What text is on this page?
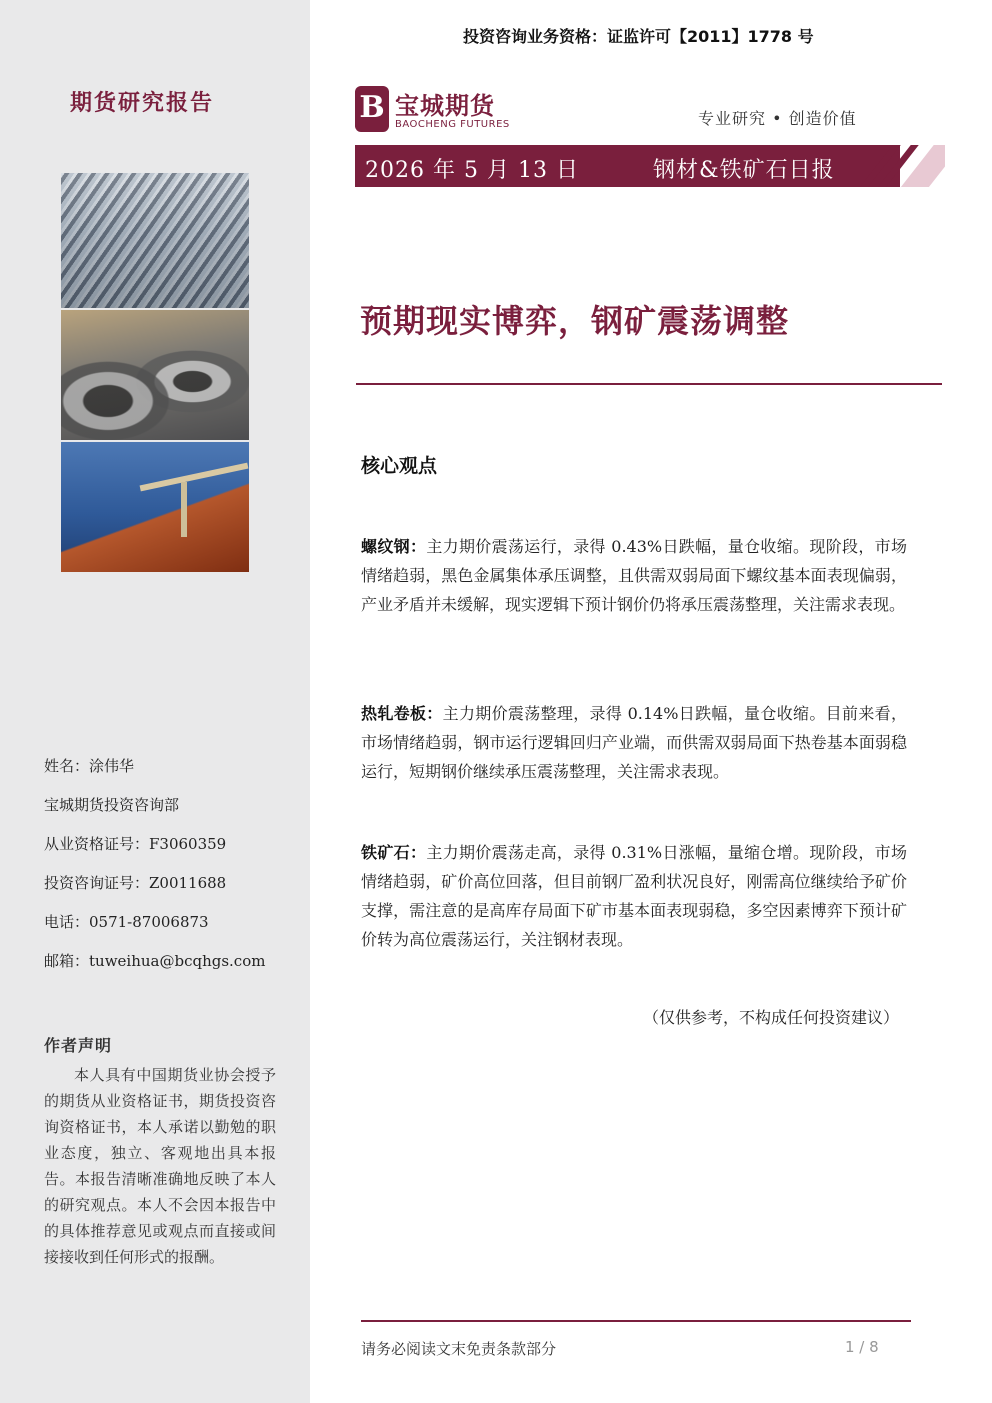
期货研究报告
姓名：涂伟华
宝城期货投资咨询部
从业资格证号：F3060359
投资咨询证号：Z0011688
电话：0571-87006873
邮箱：tuweihua@bcqhgs.com
作者声明
本人具有中国期货业协会授予的期货从业资格证书，期货投资咨询资格证书，本人承诺以勤勉的职业态度，独立、客观地出具本报告。本报告清晰准确地反映了本人的研究观点。本人不会因本报告中的具体推荐意见或观点而直接或间接接收到任何形式的报酬。
投资咨询业务资格：证监许可【2011】1778 号
B 宝城期货
BAOCHENG FUTURES	专业研究 • 创造价值
2026 年 5 月 13 日	钢材&铁矿石日报
预期现实博弈，钢矿震荡调整
核心观点
螺纹钢：主力期价震荡运行，录得 0.43%日跌幅，量仓收缩。现阶段，市场情绪趋弱，黑色金属集体承压调整，且供需双弱局面下螺纹基本面表现偏弱，产业矛盾并未缓解，现实逻辑下预计钢价仍将承压震荡整理，关注需求表现。
热轧卷板：主力期价震荡整理，录得 0.14%日跌幅，量仓收缩。目前来看，市场情绪趋弱，钢市运行逻辑回归产业端，而供需双弱局面下热卷基本面弱稳运行，短期钢价继续承压震荡整理，关注需求表现。
铁矿石：主力期价震荡走高，录得 0.31%日涨幅，量缩仓增。现阶段，市场情绪趋弱，矿价高位回落，但目前钢厂盈利状况良好，刚需高位继续给予矿价支撑，需注意的是高库存局面下矿市基本面表现弱稳，多空因素博弈下预计矿价转为高位震荡运行，关注钢材表现。
（仅供参考，不构成任何投资建议）
请务必阅读文末免责条款部分	1 / 8
